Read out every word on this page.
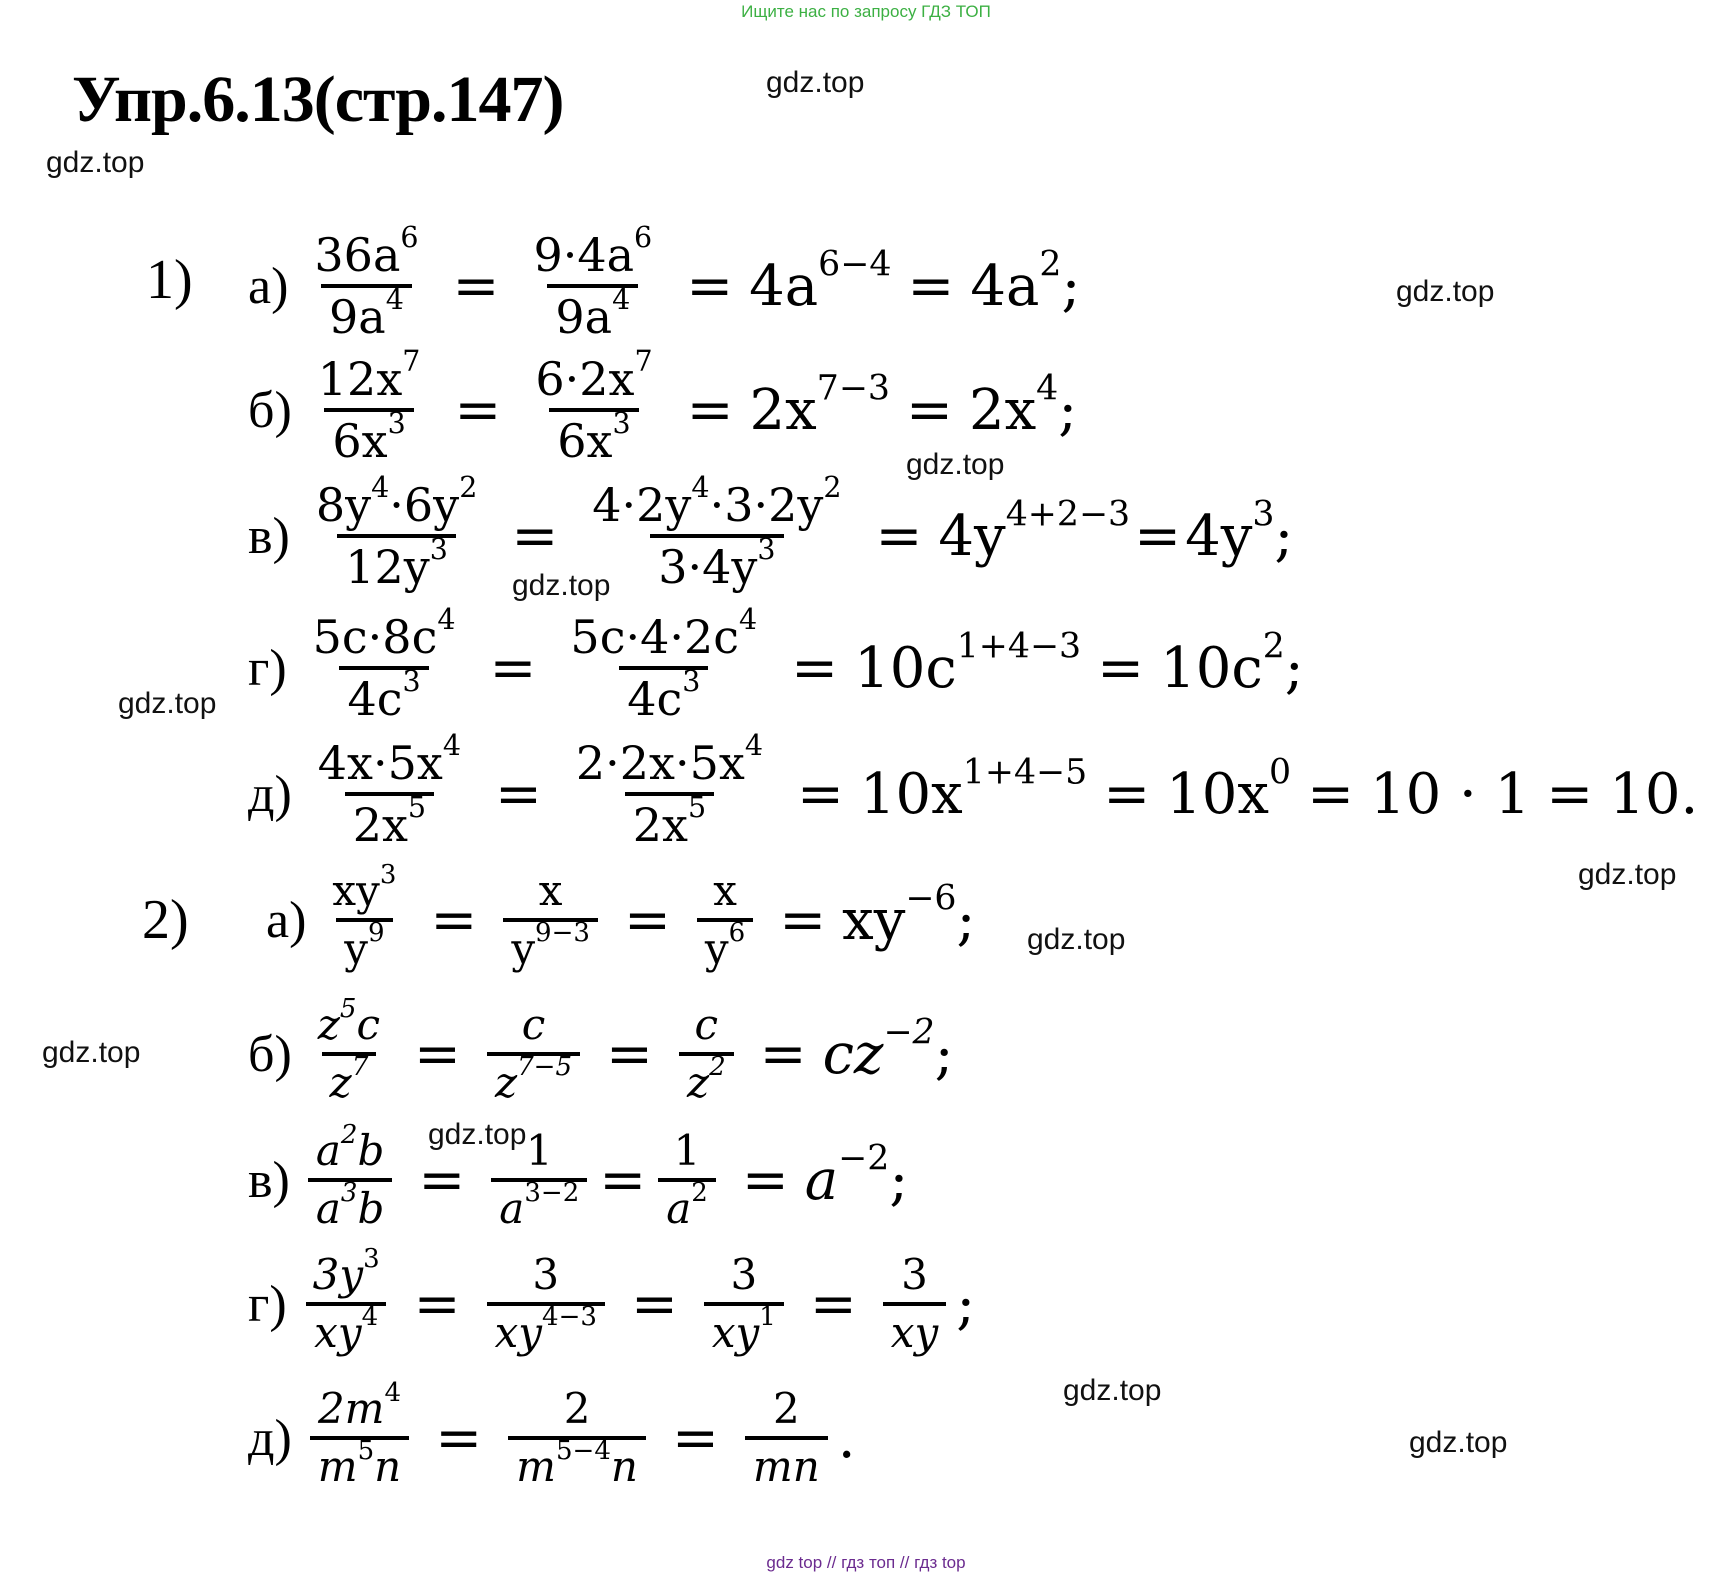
Ищите нас по запросу ГДЗ ТОП
Упр.6.13(стр.147)	gdz.top
gdz.top
gdz.top
gdz.top
gdz.top
gdz.top
gdz.top
gdz.top
gdz.top
gdz.top
gdz.top
gdz.top
1) $а) \frac{36a^6}{9a^4} = \frac{9\cdot 4a^6}{9a^4} = 4a^{6-4} = 4a^2$;
$б) \frac{12x^7}{6x^3} = \frac{6\cdot 2x^7}{6x^3} = 2x^{7-3} = 2x^4$;
$в) \frac{8y^4\cdot 6y^2}{12y^3} = \frac{4\cdot 2y^4\cdot 3\cdot 2y^2}{3\cdot 4y^3} = 4y^{4+2-3} = 4y^3$;
$г) \frac{5c\cdot 8c^4}{4c^3} = \frac{5c\cdot 4\cdot 2c^4}{4c^3} = 10c^{1+4-3} = 10c^2$;
$д) \frac{4x\cdot 5x^4}{2x^5} = \frac{2\cdot 2x\cdot 5x^4}{2x^5} = 10x^{1+4-5} = 10x^0 = 10 \cdot 1 = 10$.
2) $а) \frac{xy^3}{y^9} = \frac{x}{y^{9-3}} = \frac{x}{y^6} = xy^{-6}$;
$б) \frac{z^5c}{z^7} = \frac{c}{z^{7-5}} = \frac{c}{z^2} = cz^{-2}$;
$в) \frac{a^2b}{a^3b} = \frac{1}{a^{3-2}} = \frac{1}{a^2} = a^{-2}$;
$г) \frac{3y^3}{xy^4} = \frac{3}{xy^{4-3}} = \frac{3}{xy^1} = \frac{3}{xy}$ ;
$д) \frac{2m^4}{m^5n} = \frac{2}{m^{5-4}n} = \frac{2}{mn}$ .
gdz top // гдз топ // гдз top
